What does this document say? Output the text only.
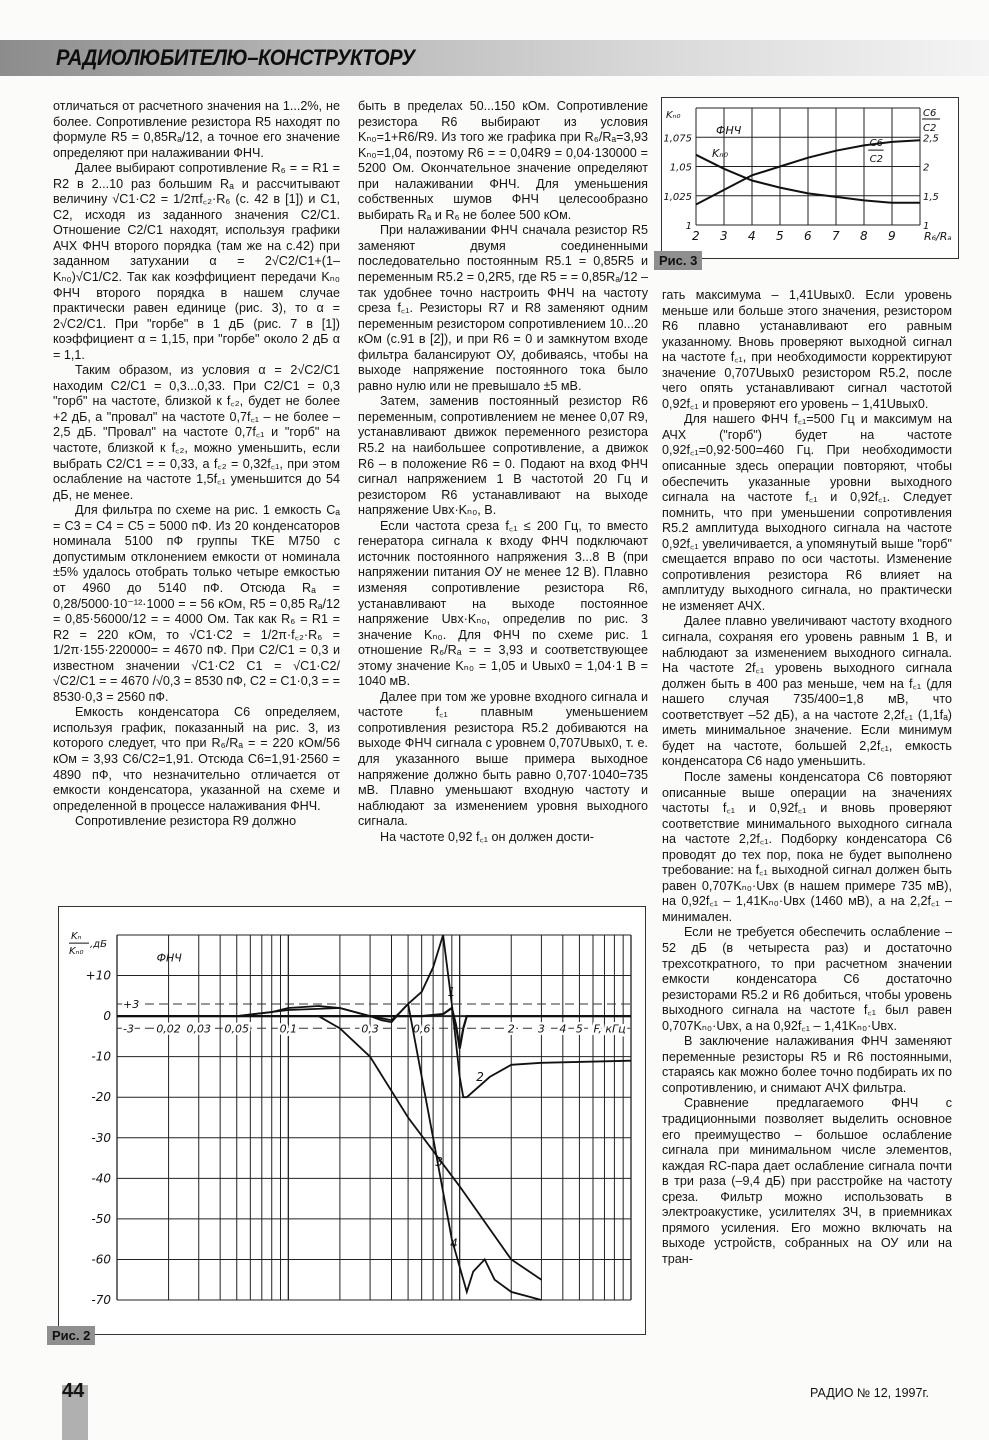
РАДИОЛЮБИТЕЛЮ–КОНСТРУКТОРУ

отличаться от расчетного значения на 1...2%, не более. Сопротивление резистора R5 находят по формуле R5 = 0,85Rₐ/12, а точное его значение определяют при налаживании ФНЧ.

Далее выбирают сопротивление R₆ = = R1 = R2 в 2...10 раз большим Rₐ и рассчитывают величину √C1·C2 = 1/2πf꜀₂·R₆ (с. 42 в [1]) и C1, C2, исходя из заданного значения C2/C1. Отношение C2/C1 находят, используя графики АЧХ ФНЧ второго порядка (там же на с.42) при заданном затухании α = 2√C2/C1+(1–Kₙ₀)√C1/C2. Так как коэффициент передачи Kₙ₀ ФНЧ второго порядка в нашем случае практически равен единице (рис. 3), то α = 2√C2/C1. При "горбе" в 1 дБ (рис. 7 в [1]) коэффициент α = 1,15, при "горбе" около 2 дБ α = 1,1.

Таким образом, из условия α = 2√C2/C1 находим C2/C1 = 0,3...0,33. При C2/C1 = 0,3 "горб" на частоте, близкой к f꜀₂, будет не более +2 дБ, а "провал" на частоте 0,7f꜀₁ – не более –2,5 дБ. "Провал" на частоте 0,7f꜀₁ и "горб" на частоте, близкой к f꜀₂, можно уменьшить, если выбрать C2/C1 = = 0,33, а f꜀₂ = 0,32f꜀₁, при этом ослабление на частоте 1,5f꜀₁ уменьшится до 54 дБ, не менее.

Для фильтра по схеме на рис. 1 емкость Cₐ = C3 = C4 = C5 = 5000 пФ. Из 20 конденсаторов номинала 5100 пФ группы ТКЕ М750 с допустимым отклонением емкости от номинала ±5% удалось отобрать только четыре емкостью от 4960 до 5140 пФ. Отсюда Rₐ = 0,28/5000·10⁻¹²·1000 = = 56 кОм, R5 = 0,85 Rₐ/12 = 0,85·56000/12 = = 4000 Ом. Так как R₆ = R1 = R2 = 220 кОм, то √C1·C2 = 1/2π·f꜀₂·R₆ = 1/2π·155·220000= = 4670 пФ. При C2/C1 = 0,3 и известном значении √C1·C2 C1 = √C1·C2/√C2/C1 = = 4670 /√0,3 = 8530 пФ, C2 = C1·0,3 = = 8530·0,3 = 2560 пФ.

Емкость конденсатора C6 определяем, используя график, показанный на рис. 3, из которого следует, что при R₆/Rₐ = = 220 кОм/56 кОм = 3,93 C6/C2=1,91. Отсюда C6=1,91·2560 = 4890 пФ, что незначительно отличается от емкости конденсатора, указанной на схеме и определенной в процессе налаживания ФНЧ.

Сопротивление резистора R9 должно

быть в пределах 50...150 кОм. Сопротивление резистора R6 выбирают из условия Kₙ₀=1+R6/R9. Из того же графика при R₆/Rₐ=3,93 Kₙ₀=1,04, поэтому R6 = = 0,04R9 = 0,04·130000 = 5200 Ом. Окончательное значение определяют при налаживании ФНЧ. Для уменьшения собственных шумов ФНЧ целесообразно выбирать Rₐ и R₆ не более 500 кОм.

При налаживании ФНЧ сначала резистор R5 заменяют двумя соединенными последовательно постоянным R5.1 = 0,85R5 и переменным R5.2 = 0,2R5, где R5 = = 0,85Rₐ/12 – так удобнее точно настроить ФНЧ на частоту среза f꜀₁. Резисторы R7 и R8 заменяют одним переменным резистором сопротивлением 10...20 кОм (с.91 в [2]), и при R6 = 0 и замкнутом входе фильтра балансируют ОУ, добиваясь, чтобы на выходе напряжение постоянного тока было равно нулю или не превышало ±5 мВ.

Затем, заменив постоянный резистор R6 переменным, сопротивлением не менее 0,07 R9, устанавливают движок переменного резистора R5.2 на наибольшее сопротивление, а движок R6 – в положение R6 = 0. Подают на вход ФНЧ сигнал напряжением 1 В частотой 20 Гц и резистором R6 устанавливают на выходе напряжение Uвх·Kₙ₀, В.

Если частота среза f꜀₁ ≤ 200 Гц, то вместо генератора сигнала к входу ФНЧ подключают источник постоянного напряжения 3...8 В (при напряжении питания ОУ не менее 12 В). Плавно изменяя сопротивление резистора R6, устанавливают на выходе постоянное напряжение Uвх·Kₙ₀, определив по рис. 3 значение Kₙ₀. Для ФНЧ по схеме рис. 1 отношение R₆/Rₐ = = 3,93 и соответствующее этому значение Kₙ₀ = 1,05 и Uвых0 = 1,04·1 В = 1040 мВ.

Далее при том же уровне входного сигнала и частоте f꜀₁ плавным уменьшением сопротивления резистора R5.2 добиваются на выходе ФНЧ сигнала с уровнем 0,707Uвых0, т. е. для указанного выше примера выходное напряжение должно быть равно 0,707·1040=735 мВ. Плавно уменьшают входную частоту и наблюдают за изменением уровня выходного сигнала.

На частоте 0,92 f꜀₁ он должен дости-

гать максимума – 1,41Uвых0. Если уровень меньше или больше этого значения, резистором R6 плавно устанавливают его равным указанному. Вновь проверяют выходной сигнал на частоте f꜀₁, при необходимости корректируют значение 0,707Uвых0 резистором R5.2, после чего опять устанавливают сигнал частотой 0,92f꜀₁ и проверяют его уровень – 1,41Uвых0.

Для нашего ФНЧ f꜀₁=500 Гц и максимум на АЧХ ("горб") будет на частоте 0,92f꜀₁=0,92·500=460 Гц. При необходимости описанные здесь операции повторяют, чтобы обеспечить указанные уровни выходного сигнала на частоте f꜀₁ и 0,92f꜀₁. Следует помнить, что при уменьшении сопротивления R5.2 амплитуда выходного сигнала на частоте 0,92f꜀₁ увеличивается, а упомянутый выше "горб" смещается вправо по оси частоты. Изменение сопротивления резистора R6 влияет на амплитуду выходного сигнала, но практически не изменяет АЧХ.

Далее плавно увеличивают частоту входного сигнала, сохраняя его уровень равным 1 В, и наблюдают за изменением выходного сигнала. На частоте 2f꜀₁ уровень выходного сигнала должен быть в 400 раз меньше, чем на f꜀₁ (для нашего случая 735/400=1,8 мВ, что соответствует –52 дБ), а на частоте 2,2f꜀₁ (1,1fₐ) иметь минимальное значение. Если минимум будет на частоте, большей 2,2f꜀₁, емкость конденсатора C6 надо уменьшить.

После замены конденсатора C6 повторяют описанные выше операции на значениях частоты f꜀₁ и 0,92f꜀₁ и вновь проверяют соответствие минимального выходного сигнала на частоте 2,2f꜀₁. Подборку конденсатора C6 проводят до тех пор, пока не будет выполнено требование: на f꜀₁ выходной сигнал должен быть равен 0,707Kₙ₀·Uвх (в нашем примере 735 мВ), на 0,92f꜀₁ – 1,41Kₙ₀·Uвх (1460 мВ), а на 2,2f꜀₁ – минимален.

Если не требуется обеспечить ослабление –52 дБ (в четыреста раз) и достаточно трехсоткратного, то при расчетном значении емкости конденсатора C6 достаточно резисторами R5.2 и R6 добиться, чтобы уровень выходного сигнала на частоте f꜀₁ был равен 0,707Kₙ₀·Uвх, а на 0,92f꜀₁ – 1,41Kₙ₀·Uвх.

В заключение налаживания ФНЧ заменяют переменные резисторы R5 и R6 постоянными, стараясь как можно более точно подбирать их по сопротивлению, и снимают АЧХ фильтра.

Сравнение предлагаемого ФНЧ с традиционными позволяет выделить основное его преимущество – большое ослабление сигнала при минимальном числе элементов, каждая RC-пара дает ослабление сигнала почти в три раза (–9,4 дБ) при расстройке на частоту среза. Фильтр можно использовать в электроакустике, усилителях ЗЧ, в приемниках прямого усиления. Его можно включать на выходе устройств, собранных на ОУ или на тран-

2 3 4 5 6 7 8 9
1
1,025
1,05
1,075
1
1,5
2
2,5
Kₙ₀	C6
C2
R₆/Rₐ
ФНЧ
Kₙ₀
C6
C2
Рис. 3
+3
-3
+10
0
-10
-20
-30
-40
-50
-60
-70
0,02 0,03 0,05	0,1	0,3	0,6	2 3 4 5 F, кГц
Kₙ
Kₙ₀
,дБ
ФНЧ
1
2
3
4
Рис. 2
44	РАДИО № 12, 1997г.
